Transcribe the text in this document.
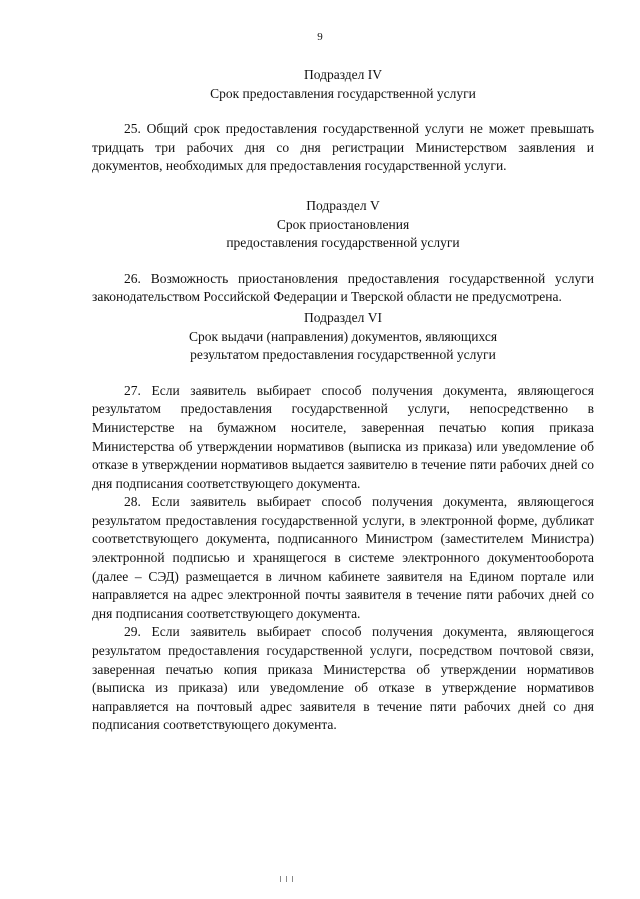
9
Подраздел IV
Срок предоставления государственной услуги

25. Общий срок предоставления государственной услуги не может превышать тридцать три рабочих дня со дня регистрации Министерством заявления и документов, необходимых для предоставления государственной услуги.

Подраздел V
Срок приостановления
предоставления государственной услуги

26. Возможность приостановления предоставления государственной услуги законодательством Российской Федерации и Тверской области не предусмотрена.

Подраздел VI
Срок выдачи (направления) документов, являющихся
результатом предоставления государственной услуги

27. Если заявитель выбирает способ получения документа, являющегося результатом предоставления государственной услуги, непосредственно в Министерстве на бумажном носителе, заверенная печатью копия приказа Министерства об утверждении нормативов (выписка из приказа) или уведомление об отказе в утверждении нормативов выдается заявителю в течение пяти рабочих дней со дня подписания соответствующего документа.

28. Если заявитель выбирает способ получения документа, являющегося результатом предоставления государственной услуги, в электронной форме, дубликат соответствующего документа, подписанного Министром (заместителем Министра) электронной подписью и хранящегося в системе электронного документооборота (далее – СЭД) размещается в личном кабинете заявителя на Едином портале или направляется на адрес электронной почты заявителя в течение пяти рабочих дней со дня подписания соответствующего документа.

29. Если заявитель выбирает способ получения документа, являющегося результатом предоставления государственной услуги, посредством почтовой связи, заверенная печатью копия приказа Министерства об утверждении нормативов (выписка из приказа) или уведомление об отказе в утверждение нормативов направляется на почтовый адрес заявителя в течение пяти рабочих дней со дня подписания соответствующего документа.
